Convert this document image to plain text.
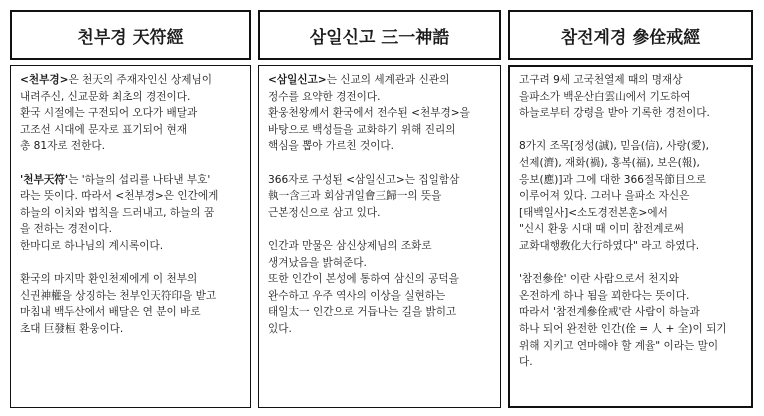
천부경 天符經	삼일신고 三一神誥	참전계경 參佺戒經

<천부경>은 천天의 주재자인신 상제님이

내려주신, 신교문화 최초의 경전이다.

환국 시절에는 구전되어 오다가 배달과

고조선 시대에 문자로 표기되어 현재

총 81자로 전한다.

'천부天符'는 '하늘의 섭리를 나타낸 부호'

라는 뜻이다. 따라서 <천부경>은 인간에게

하늘의 이치와 법칙을 드러내고, 하늘의 꿈

을 전하는 경전이다.

한마디로 하나님의 계시록이다.

환국의 마지막 환인천제에게 이 천부의

신권神權을 상징하는 천부인天符印을 받고

마침내 백두산에서 배달은 연 분이 바로

초대 巨發桓 환웅이다.

<삼일신고>는 신교의 세계관과 신관의

정수를 요약한 경전이다.

환웅천왕께서 환국에서 전수된 <천부경>을

바탕으로 백성들을 교화하기 위해 진리의

핵심을 뽑아 가르친 것이다.

366자로 구성된 <삼일신고>는 집일함삼

執一含三과 회삼귀일會三歸一의 뜻을

근본정신으로 삼고 있다.

인간과 만물은 삼신상제님의 조화로

생겨났음을 밝혀준다.

또한 인간이 본성에 통하여 삼신의 공덕을

완수하고 우주 역사의 이상을 실현하는

태일太一 인간으로 거듭나는 길을 밝히고

있다.

고구려 9세 고국천열제 때의 명재상

을파소가 백운산白雲山에서 기도하여

하늘로부터 강령을 받아 기록한 경전이다.

8가지 조목[정성(誠), 믿음(信), 사랑(愛),

선제(濟), 재화(禍), 홍복(福), 보은(報),

응보(應)]과 그에 대한 366절목節目으로

이루어져 있다. 그러나 을파소 자신은

[태백일사]<소도경전본훈>에서

"신시 환웅 시대 때 이미 참전계로써

교화대행敎化大行하였다" 라고 하였다.

'참전參佺' 이란 사람으로서 천지와

온전하게 하나 됨을 꾀한다는 뜻이다.

따라서 '참전계參佺戒'란 사람이 하늘과

하나 되어 완전한 인간(佺 = 人 + 全)이 되기

위해 지키고 연마해야 할 계율" 이라는 말이

다.
